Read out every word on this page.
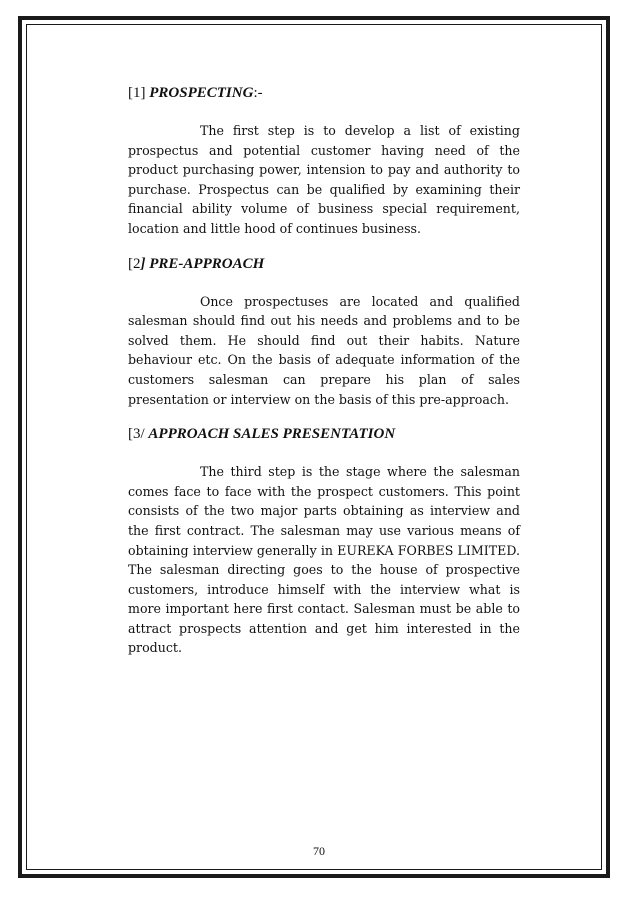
[1] PROSPECTING:-

The first step is to develop a list of existing prospectus and potential customer having need of the product purchasing power, intension to pay and authority to purchase. Prospectus can be qualified by examining their financial ability volume of business special requirement, location and little hood of continues business.

[2] PRE-APPROACH

Once prospectuses are located and qualified salesman should find out his needs and problems and to be solved them. He should find out their habits. Nature behaviour etc. On the basis of adequate information of the customers salesman can prepare his plan of sales presentation or interview on the basis of this pre-approach.

[3/ APPROACH SALES PRESENTATION

The third step is the stage where the salesman comes face to face with the prospect customers. This point consists of the two major parts obtaining as interview and the first contract. The salesman may use various means of obtaining interview generally in EUREKA FORBES LIMITED. The salesman directing goes to the house of prospective customers, introduce himself with the interview what is more important here first contact. Salesman must be able to attract prospects attention and get him interested in the product.

70
